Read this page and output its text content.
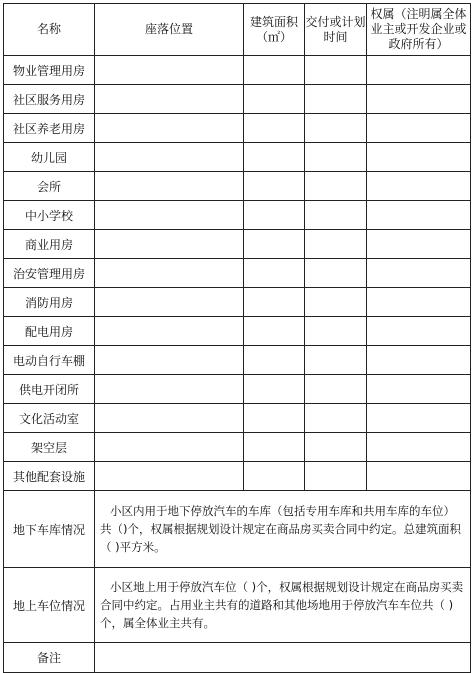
名称	座落位置	建筑面积（㎡）	交付或计划时间	权属（注明属全体业主或开发企业或政府所有）
物业管理用房				
社区服务用房				
社区养老用房				
幼儿园				
会所				
中小学校				
商业用房				
治安管理用房				
消防用房				
配电用房				
电动自行车棚				
供电开闭所				
文化活动室				
架空层				
其他配套设施				
地下车库情况	小区内用于地下停放汽车的车库（包括专用车库和共用车库的车位）共（)个，权属根据规划设计规定在商品房买卖合同中约定。总建筑面积（ )平方米。			
地上车位情况	小区地上用于停放汽车位（ )个，权属根据规划设计规定在商品房买卖合同中约定。占用业主共有的道路和其他场地用于停放汽车车位共（ )个，属全体业主共有。			
备注				
